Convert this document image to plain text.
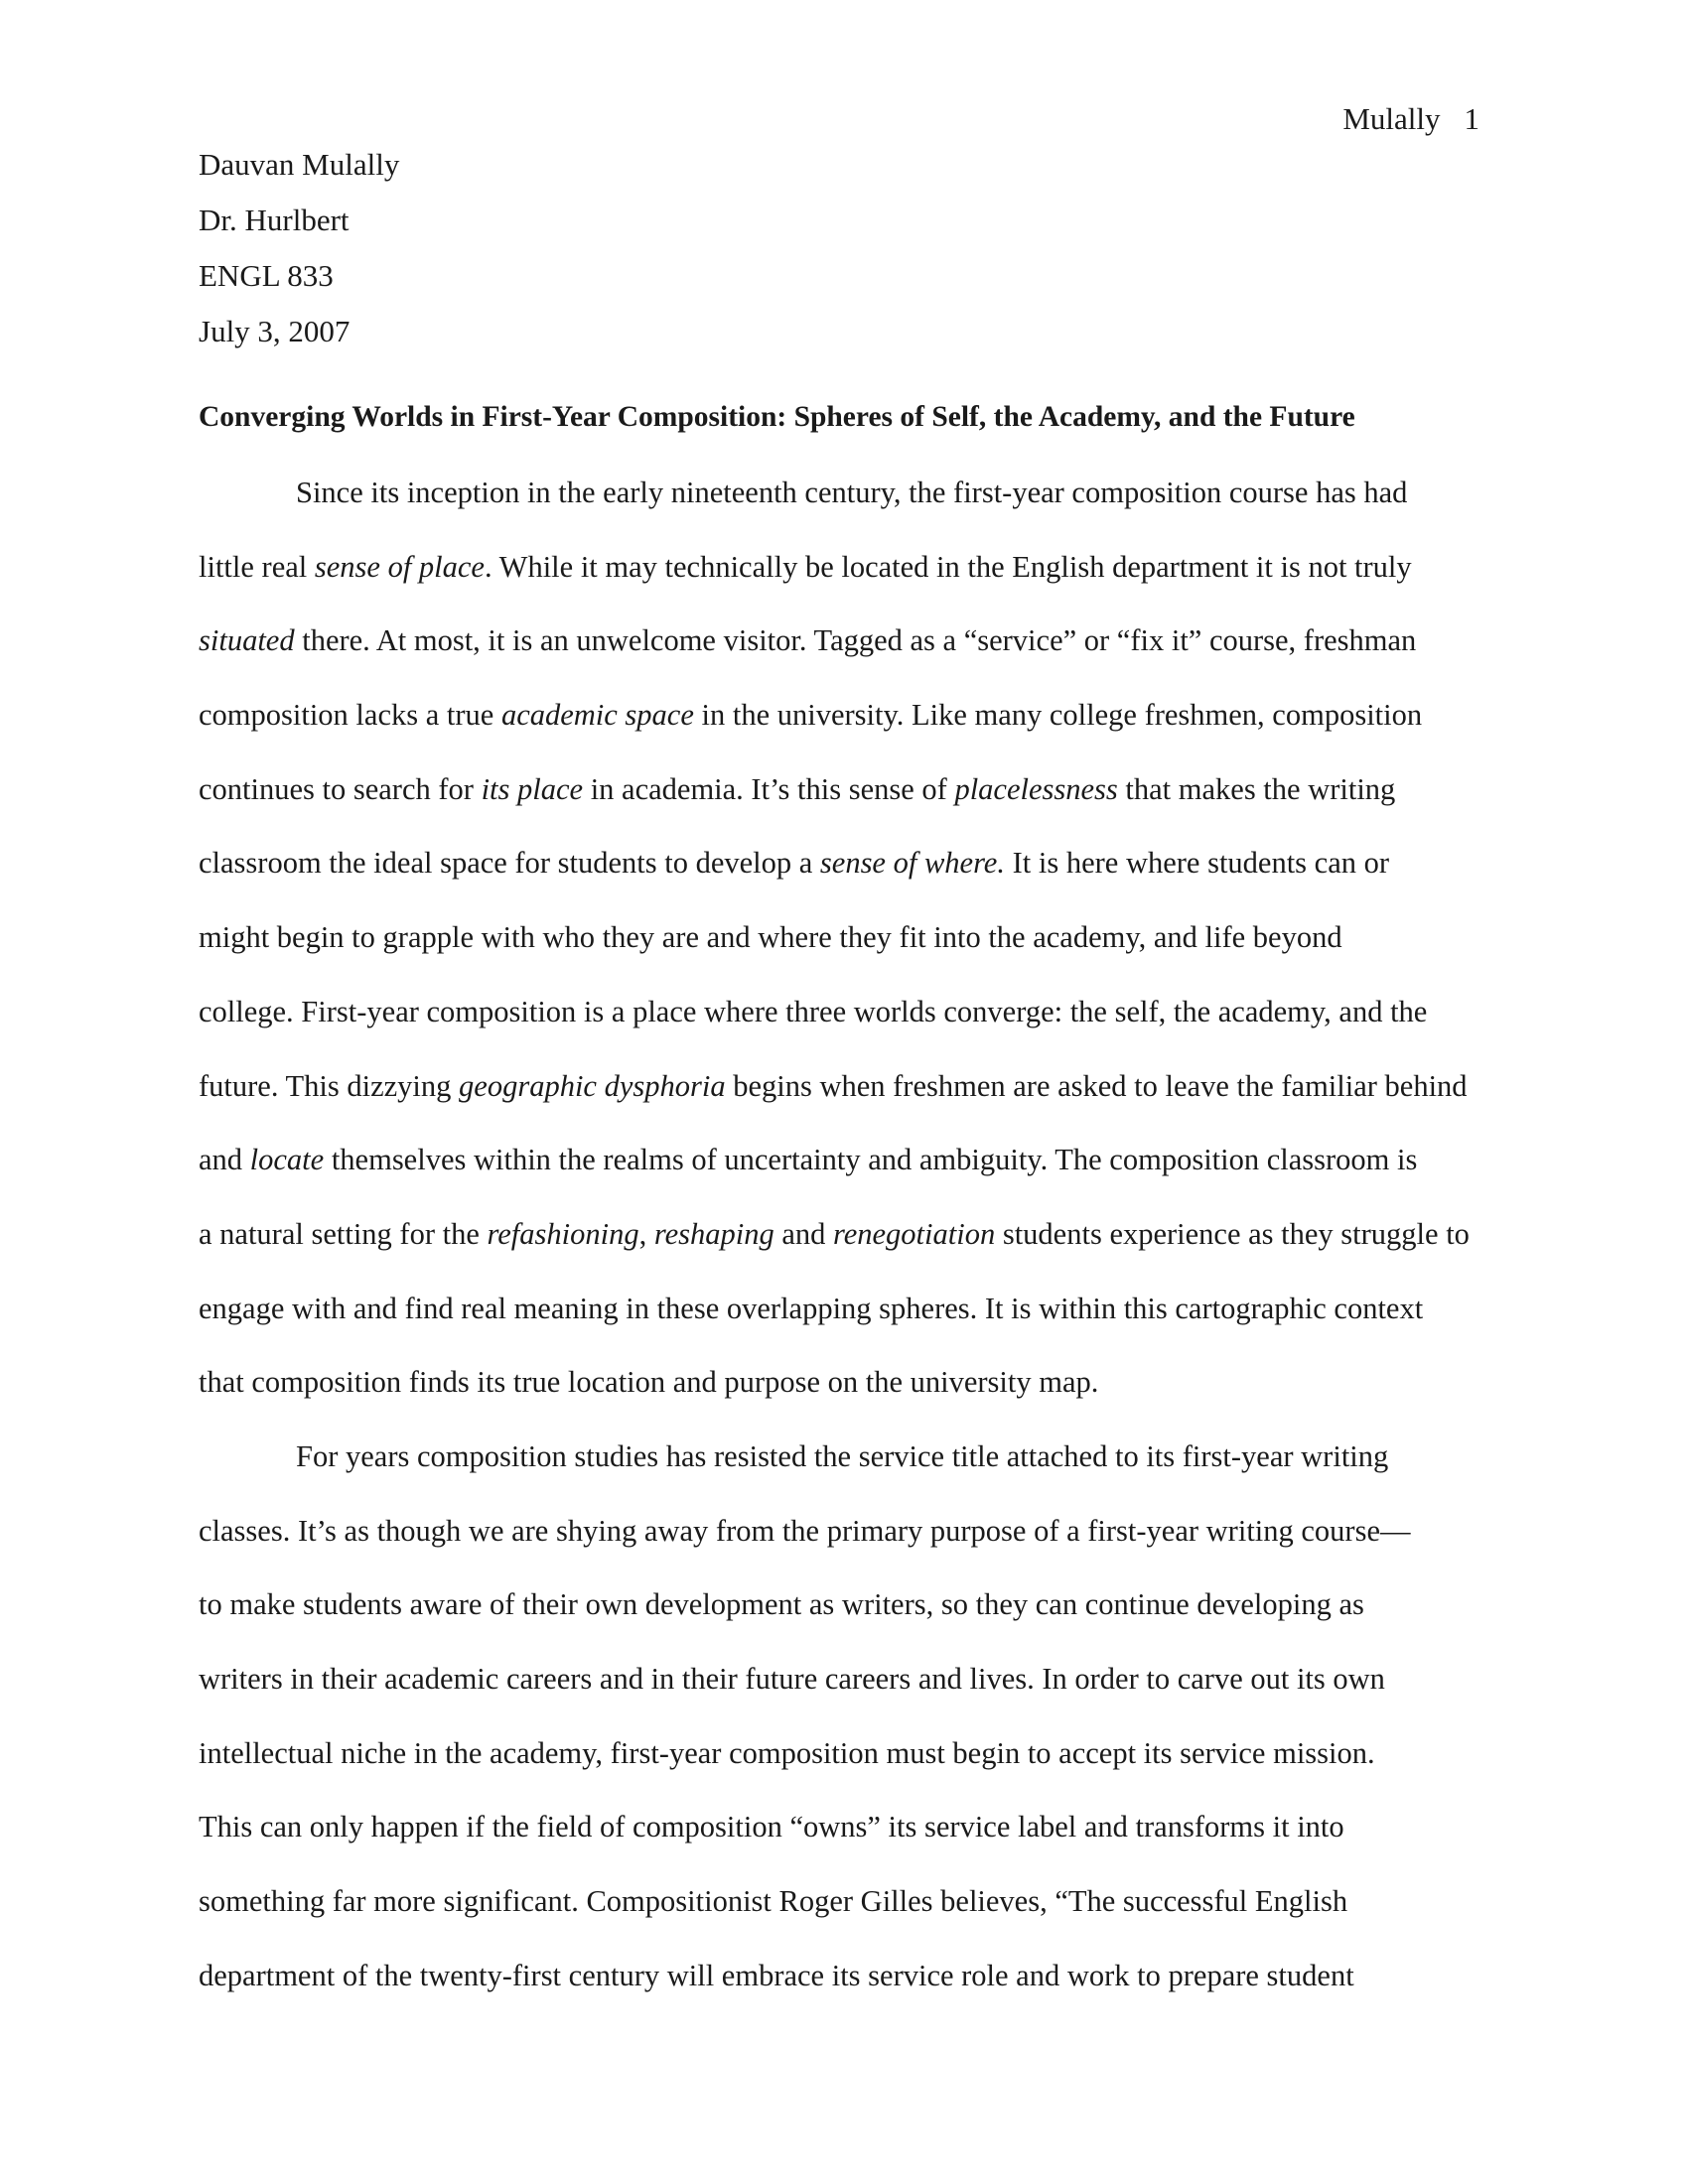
Mulally 1
Dauvan Mulally
Dr. Hurlbert
ENGL 833
July 3, 2007
Converging Worlds in First-Year Composition: Spheres of Self, the Academy, and the Future
Since its inception in the early nineteenth century, the first-year composition course has had
little real sense of place. While it may technically be located in the English department it is not truly
situated there. At most, it is an unwelcome visitor. Tagged as a “service” or “fix it” course, freshman
composition lacks a true academic space in the university. Like many college freshmen, composition
continues to search for its place in academia. It’s this sense of placelessness that makes the writing
classroom the ideal space for students to develop a sense of where. It is here where students can or
might begin to grapple with who they are and where they fit into the academy, and life beyond
college. First-year composition is a place where three worlds converge: the self, the academy, and the
future. This dizzying geographic dysphoria begins when freshmen are asked to leave the familiar behind
and locate themselves within the realms of uncertainty and ambiguity. The composition classroom is
a natural setting for the refashioning, reshaping and renegotiation students experience as they struggle to
engage with and find real meaning in these overlapping spheres. It is within this cartographic context
that composition finds its true location and purpose on the university map.
For years composition studies has resisted the service title attached to its first-year writing
classes. It’s as though we are shying away from the primary purpose of a first-year writing course—
to make students aware of their own development as writers, so they can continue developing as
writers in their academic careers and in their future careers and lives. In order to carve out its own
intellectual niche in the academy, first-year composition must begin to accept its service mission.
This can only happen if the field of composition “owns” its service label and transforms it into
something far more significant. Compositionist Roger Gilles believes, “The successful English
department of the twenty-first century will embrace its service role and work to prepare student
